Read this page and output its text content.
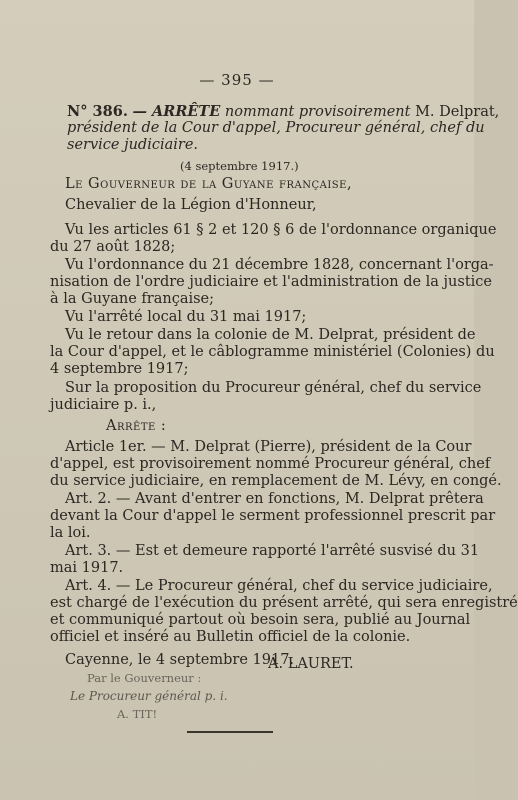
— 395 —
N° 386. — ARRÊTE nommant provisoirement M. Delprat,
président de la Cour d'appel, Procureur général, chef du
service judiciaire.
(4 septembre 1917.)
Le Gouverneur de la Guyane française,
Chevalier de la Légion d'Honneur,
Vu les articles 61 § 2 et 120 § 6 de l'ordonnance organique
du 27 août 1828;
Vu l'ordonnance du 21 décembre 1828, concernant l'orga-
nisation de l'ordre judiciaire et l'administration de la justice
à la Guyane française;
Vu l'arrêté local du 31 mai 1917;
Vu le retour dans la colonie de M. Delprat, président de
la Cour d'appel, et le câblogramme ministériel (Colonies) du
4 septembre 1917;
Sur la proposition du Procureur général, chef du service
judiciaire p. i.,
Arrête :
Article 1er. — M. Delprat (Pierre), président de la Cour
d'appel, est provisoirement nommé Procureur général, chef
du service judiciaire, en remplacement de M. Lévy, en congé.
Art. 2. — Avant d'entrer en fonctions, M. Delprat prêtera
devant la Cour d'appel le serment professionnel prescrit par
la loi.
Art. 3. — Est et demeure rapporté l'arrêté susvisé du 31
mai 1917.
Art. 4. — Le Procureur général, chef du service judiciaire,
est chargé de l'exécution du présent arrêté, qui sera enregistré
et communiqué partout où besoin sera, publié au Journal
officiel et inséré au Bulletin officiel de la colonie.
Cayenne, le 4 septembre 1917.
A. LAURET.
Par le Gouverneur :
Le Procureur général p. i.
A. TIT!
